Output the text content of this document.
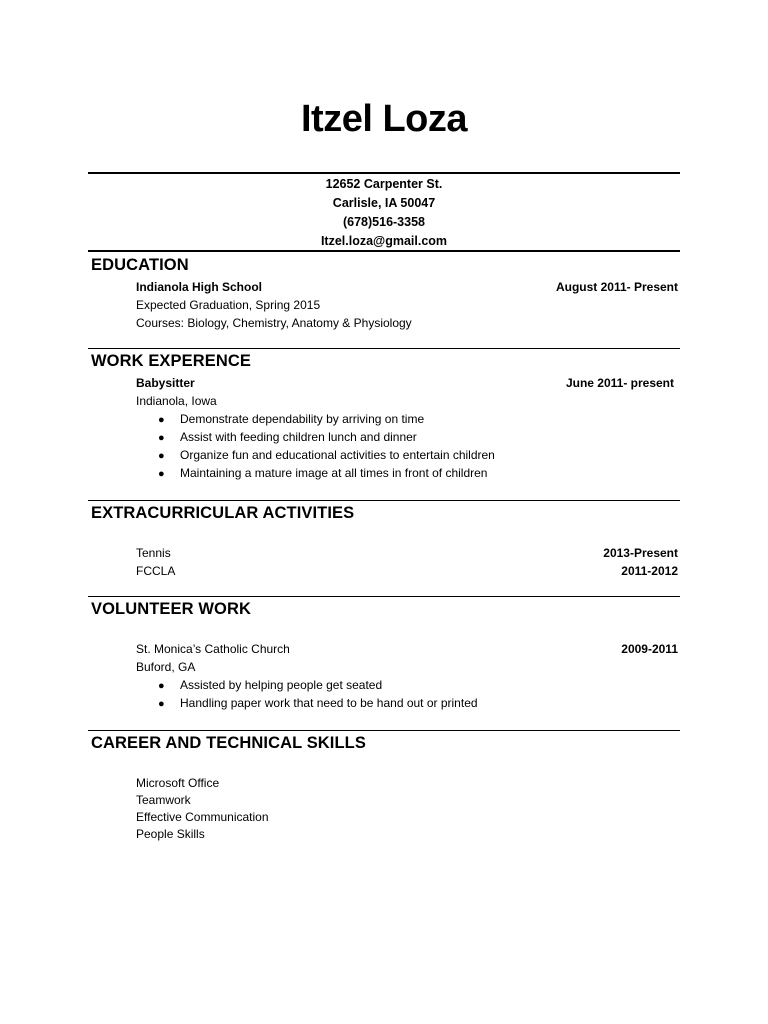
Itzel Loza
12652 Carpenter St.
Carlisle, IA 50047
(678)516-3358
Itzel.loza@gmail.com
EDUCATION
Indianola High School	August 2011- Present
Expected Graduation, Spring 2015
Courses: Biology, Chemistry, Anatomy & Physiology
WORK EXPERENCE
Babysitter	June 2011- present
Indianola, Iowa
● Demonstrate dependability by arriving on time
● Assist with feeding children lunch and dinner
● Organize fun and educational activities to entertain children
● Maintaining a mature image at all times in front of children
EXTRACURRICULAR ACTIVITIES
Tennis	2013-Present
FCCLA	2011-2012
VOLUNTEER WORK
St. Monica’s Catholic Church	2009-2011
Buford, GA
● Assisted by helping people get seated
● Handling paper work that need to be hand out or printed
CAREER AND TECHNICAL SKILLS
Microsoft Office
Teamwork
Effective Communication
People Skills
